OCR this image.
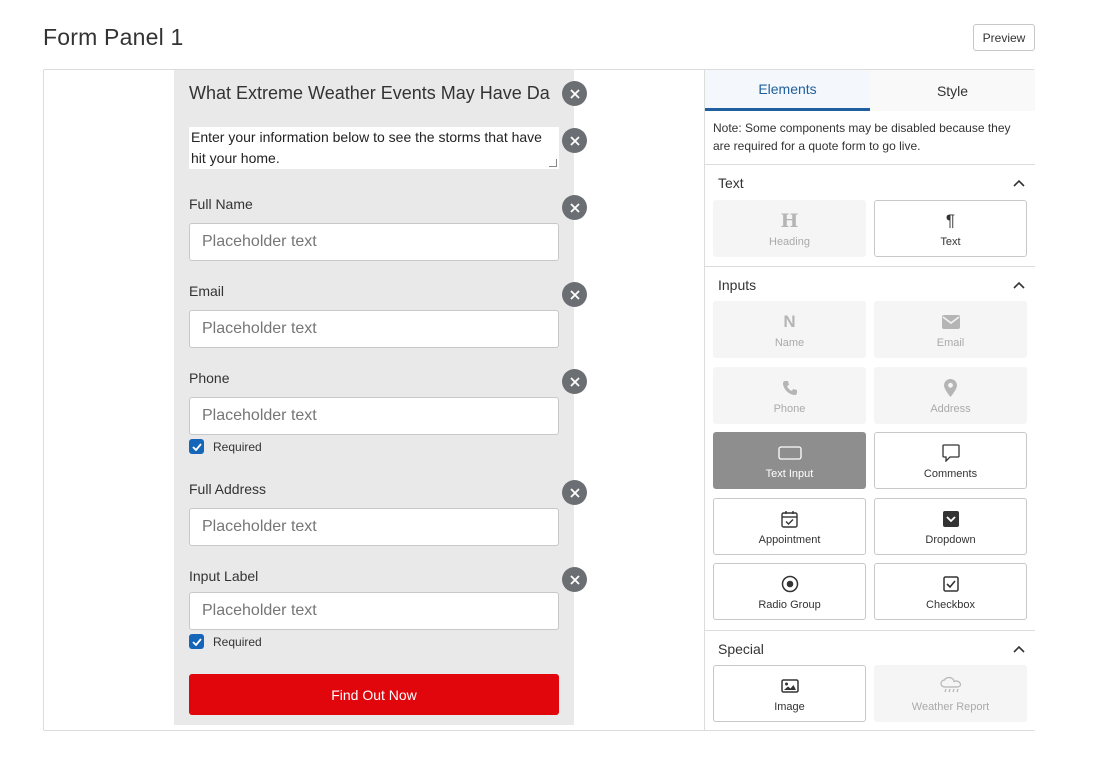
Form Panel 1	Preview
What Extreme Weather Events May Have Da
Enter your information below to see the storms that have hit your home.
Full Name
Placeholder text
Email
Placeholder text
Phone
Placeholder text
Required
Full Address
Placeholder text
Input Label
Placeholder text
Required
Find Out Now
Elements	Style
Note: Some components may be disabled because they are required for a quote form to go live.
Text
H
Heading
¶
Text
Inputs
N
Name	Email
Phone	Address
Text Input	Comments
Appointment	Dropdown
Radio Group	Checkbox
Special
Image	Weather Report
